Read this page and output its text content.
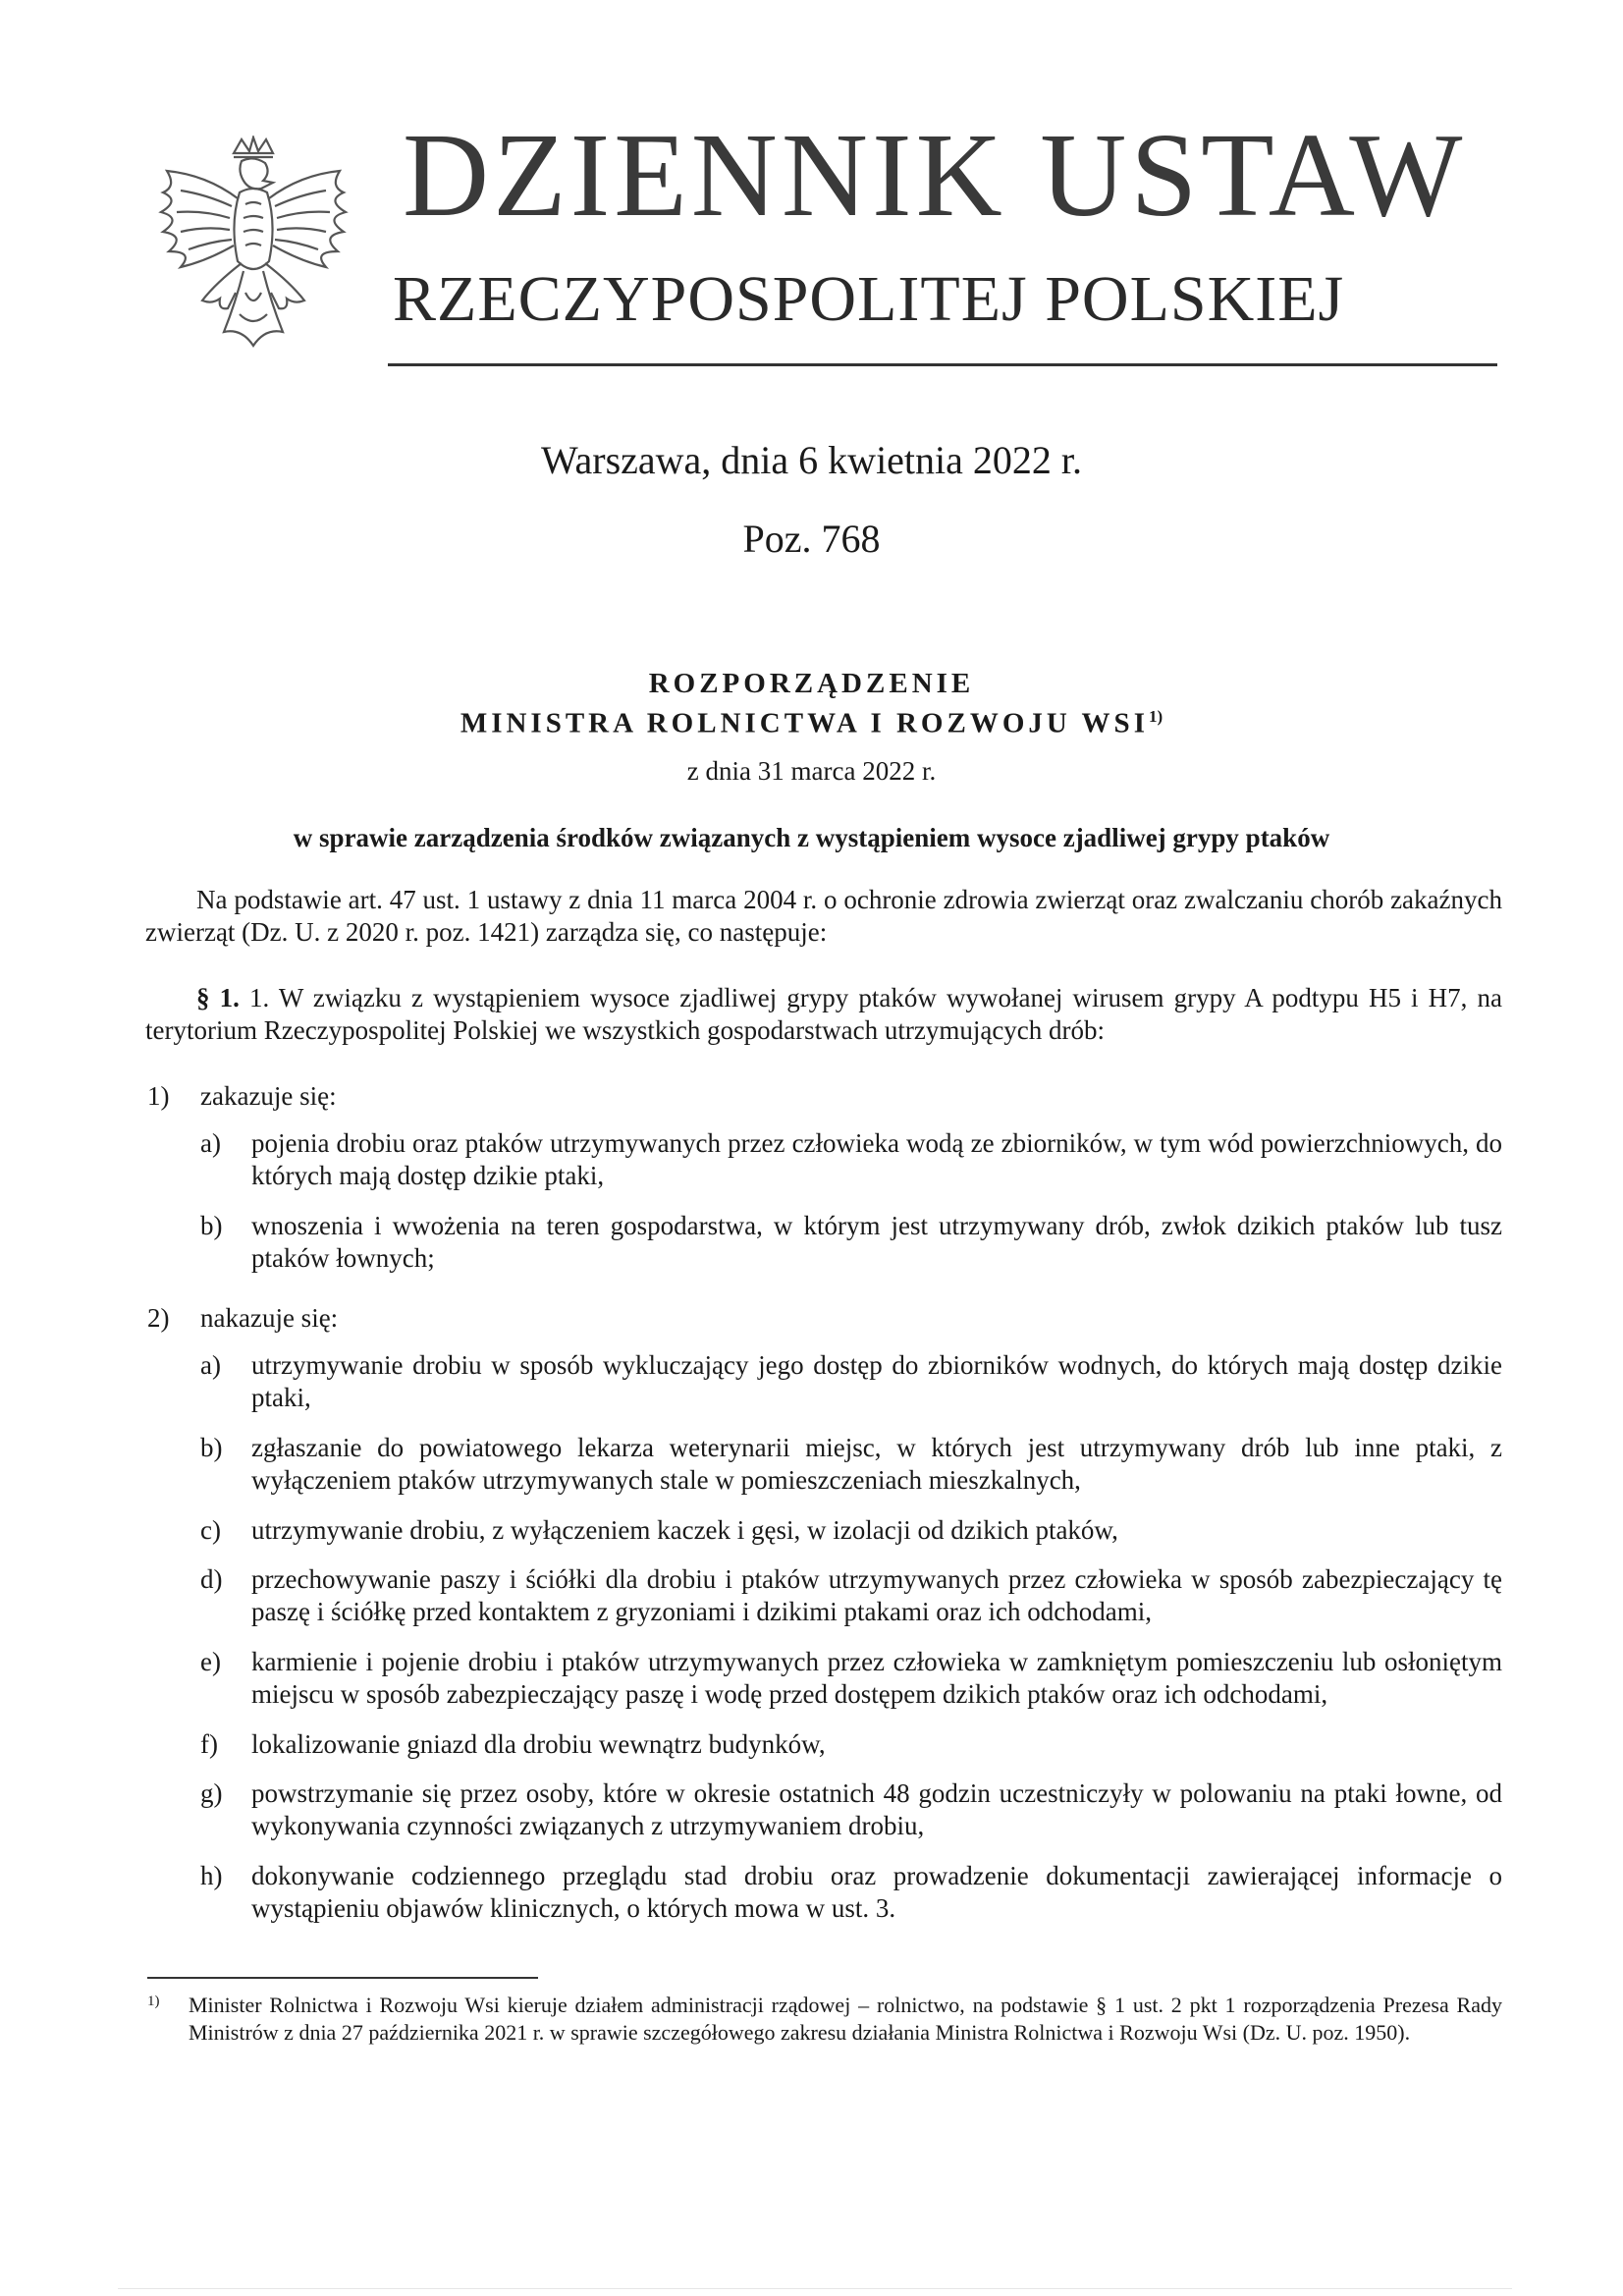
DZIENNIK USTAW
RZECZYPOSPOLITEJ POLSKIEJ
Warszawa, dnia 6 kwietnia 2022 r.
Poz. 768
ROZPORZĄDZENIE
MINISTRA ROLNICTWA I ROZWOJU WSI$^{1)}$
z dnia 31 marca 2022 r.
w sprawie zarządzenia środków związanych z wystąpieniem wysoce zjadliwej grypy ptaków
Na podstawie art. 47 ust. 1 ustawy z dnia 11 marca 2004 r. o ochronie zdrowia zwierząt oraz zwalczaniu chorób zakaźnych zwierząt (Dz. U. z 2020 r. poz. 1421) zarządza się, co następuje:
§ 1. 1. W związku z wystąpieniem wysoce zjadliwej grypy ptaków wywołanej wirusem grypy A podtypu H5 i H7, na terytorium Rzeczypospolitej Polskiej we wszystkich gospodarstwach utrzymujących drób:
1) zakazuje się:
a) pojenia drobiu oraz ptaków utrzymywanych przez człowieka wodą ze zbiorników, w tym wód powierzchniowych, do których mają dostęp dzikie ptaki,
b) wnoszenia i wwożenia na teren gospodarstwa, w którym jest utrzymywany drób, zwłok dzikich ptaków lub tusz ptaków łownych;
2) nakazuje się:
a) utrzymywanie drobiu w sposób wykluczający jego dostęp do zbiorników wodnych, do których mają dostęp dzikie ptaki,
b) zgłaszanie do powiatowego lekarza weterynarii miejsc, w których jest utrzymywany drób lub inne ptaki, z wyłączeniem ptaków utrzymywanych stale w pomieszczeniach mieszkalnych,
c) utrzymywanie drobiu, z wyłączeniem kaczek i gęsi, w izolacji od dzikich ptaków,
d) przechowywanie paszy i ściółki dla drobiu i ptaków utrzymywanych przez człowieka w sposób zabezpieczający tę paszę i ściółkę przed kontaktem z gryzoniami i dzikimi ptakami oraz ich odchodami,
e) karmienie i pojenie drobiu i ptaków utrzymywanych przez człowieka w zamkniętym pomieszczeniu lub osłoniętym miejscu w sposób zabezpieczający paszę i wodę przed dostępem dzikich ptaków oraz ich odchodami,
f) lokalizowanie gniazd dla drobiu wewnątrz budynków,
g) powstrzymanie się przez osoby, które w okresie ostatnich 48 godzin uczestniczyły w polowaniu na ptaki łowne, od wykonywania czynności związanych z utrzymywaniem drobiu,
h) dokonywanie codziennego przeglądu stad drobiu oraz prowadzenie dokumentacji zawierającej informacje o wystąpieniu objawów klinicznych, o których mowa w ust. 3.
1) Minister Rolnictwa i Rozwoju Wsi kieruje działem administracji rządowej – rolnictwo, na podstawie § 1 ust. 2 pkt 1 rozporządzenia Prezesa Rady Ministrów z dnia 27 października 2021 r. w sprawie szczegółowego zakresu działania Ministra Rolnictwa i Rozwoju Wsi (Dz. U. poz. 1950).
